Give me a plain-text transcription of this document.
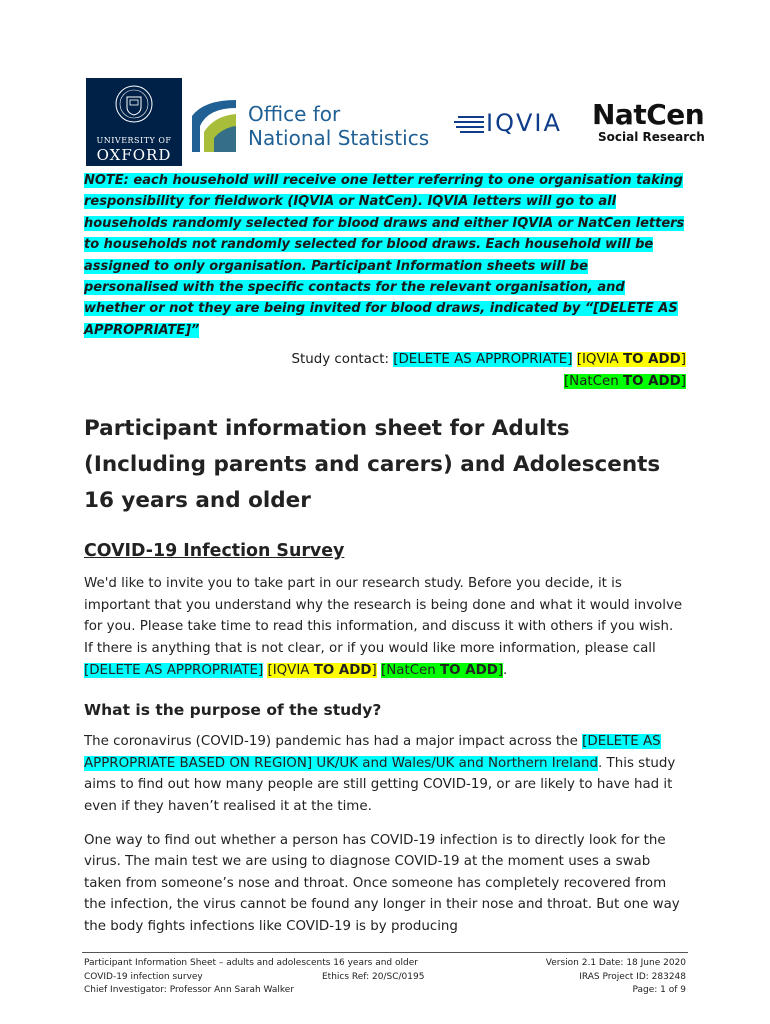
UNIVERSITY OF
OXFORD
Office for
National Statistics
IQVIA NatCen
Social Research

NOTE: each household will receive one letter referring to one organisation taking responsibility for fieldwork (IQVIA or NatCen). IQVIA letters will go to all households randomly selected for blood draws and either IQVIA or NatCen letters to households not randomly selected for blood draws. Each household will be assigned to only organisation. Participant Information sheets will be personalised with the specific contacts for the relevant organisation, and whether or not they are being invited for blood draws, indicated by “[DELETE AS APPROPRIATE]”

Study contact: [DELETE AS APPROPRIATE] [IQVIA TO ADD]
[NatCen TO ADD]

Participant information sheet for Adults (Including parents and carers) and Adolescents 16 years and older
COVID-19 Infection Survey

We'd like to invite you to take part in our research study. Before you decide, it is important that you understand why the research is being done and what it would involve for you. Please take time to read this information, and discuss it with others if you wish. If there is anything that is not clear, or if you would like more information, please call [DELETE AS APPROPRIATE] [IQVIA TO ADD] [NatCen TO ADD].

What is the purpose of the study?

The coronavirus (COVID-19) pandemic has had a major impact across the [DELETE AS APPROPRIATE BASED ON REGION] UK/UK and Wales/UK and Northern Ireland. This study aims to find out how many people are still getting COVID-19, or are likely to have had it even if they haven’t realised it at the time.

One way to find out whether a person has COVID-19 infection is to directly look for the virus. The main test we are using to diagnose COVID-19 at the moment uses a swab taken from someone’s nose and throat. Once someone has completely recovered from the infection, the virus cannot be found any longer in their nose and throat. But one way the body fights infections like COVID-19 is by producing

Participant Information Sheet – adults and adolescents 16 years and older	Version 2.1 Date: 18 June 2020
COVID-19 infection survey	Ethics Ref: 20/SC/0195	IRAS Project ID: 283248
Chief Investigator: Professor Ann Sarah Walker	Page: 1 of 9
